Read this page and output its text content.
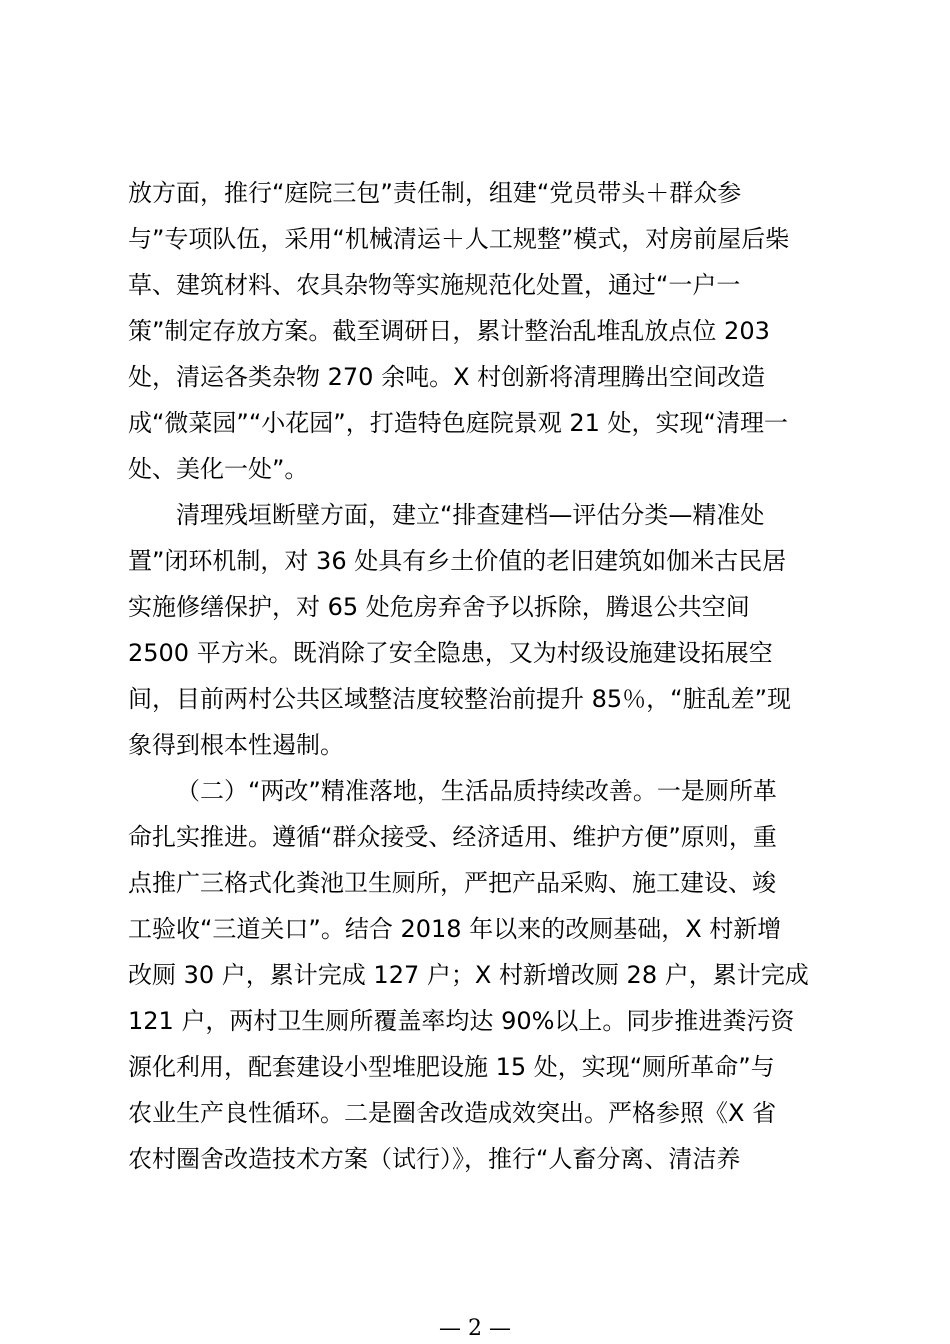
放方面，推行“庭院三包”责任制，组建“党员带头＋群众参
与”专项队伍，采用“机械清运＋人工规整”模式，对房前屋后柴
草、建筑材料、农具杂物等实施规范化处置，通过“一户一
策”制定存放方案。截至调研日，累计整治乱堆乱放点位 203
处，清运各类杂物 270 余吨。X 村创新将清理腾出空间改造
成“微菜园”“小花园”，打造特色庭院景观 21 处，实现“清理一
处、美化一处”。
清理残垣断壁方面，建立“排查建档—评估分类—精准处
置”闭环机制，对 36 处具有乡土价值的老旧建筑如伽米古民居
实施修缮保护，对 65 处危房弃舍予以拆除，腾退公共空间
2500 平方米。既消除了安全隐患，又为村级设施建设拓展空
间，目前两村公共区域整洁度较整治前提升 85％，“脏乱差”现
象得到根本性遏制。
（二）“两改”精准落地，生活品质持续改善。一是厕所革
命扎实推进。遵循“群众接受、经济适用、维护方便”原则，重
点推广三格式化粪池卫生厕所，严把产品采购、施工建设、竣
工验收“三道关口”。结合 2018 年以来的改厕基础，X 村新增
改厕 30 户，累计完成 127 户；X 村新增改厕 28 户，累计完成
121 户，两村卫生厕所覆盖率均达 90%以上。同步推进粪污资
源化利用，配套建设小型堆肥设施 15 处，实现“厕所革命”与
农业生产良性循环。二是圈舍改造成效突出。严格参照《X 省
农村圈舍改造技术方案（试行）》，推行“人畜分离、清洁养
— 2 —
